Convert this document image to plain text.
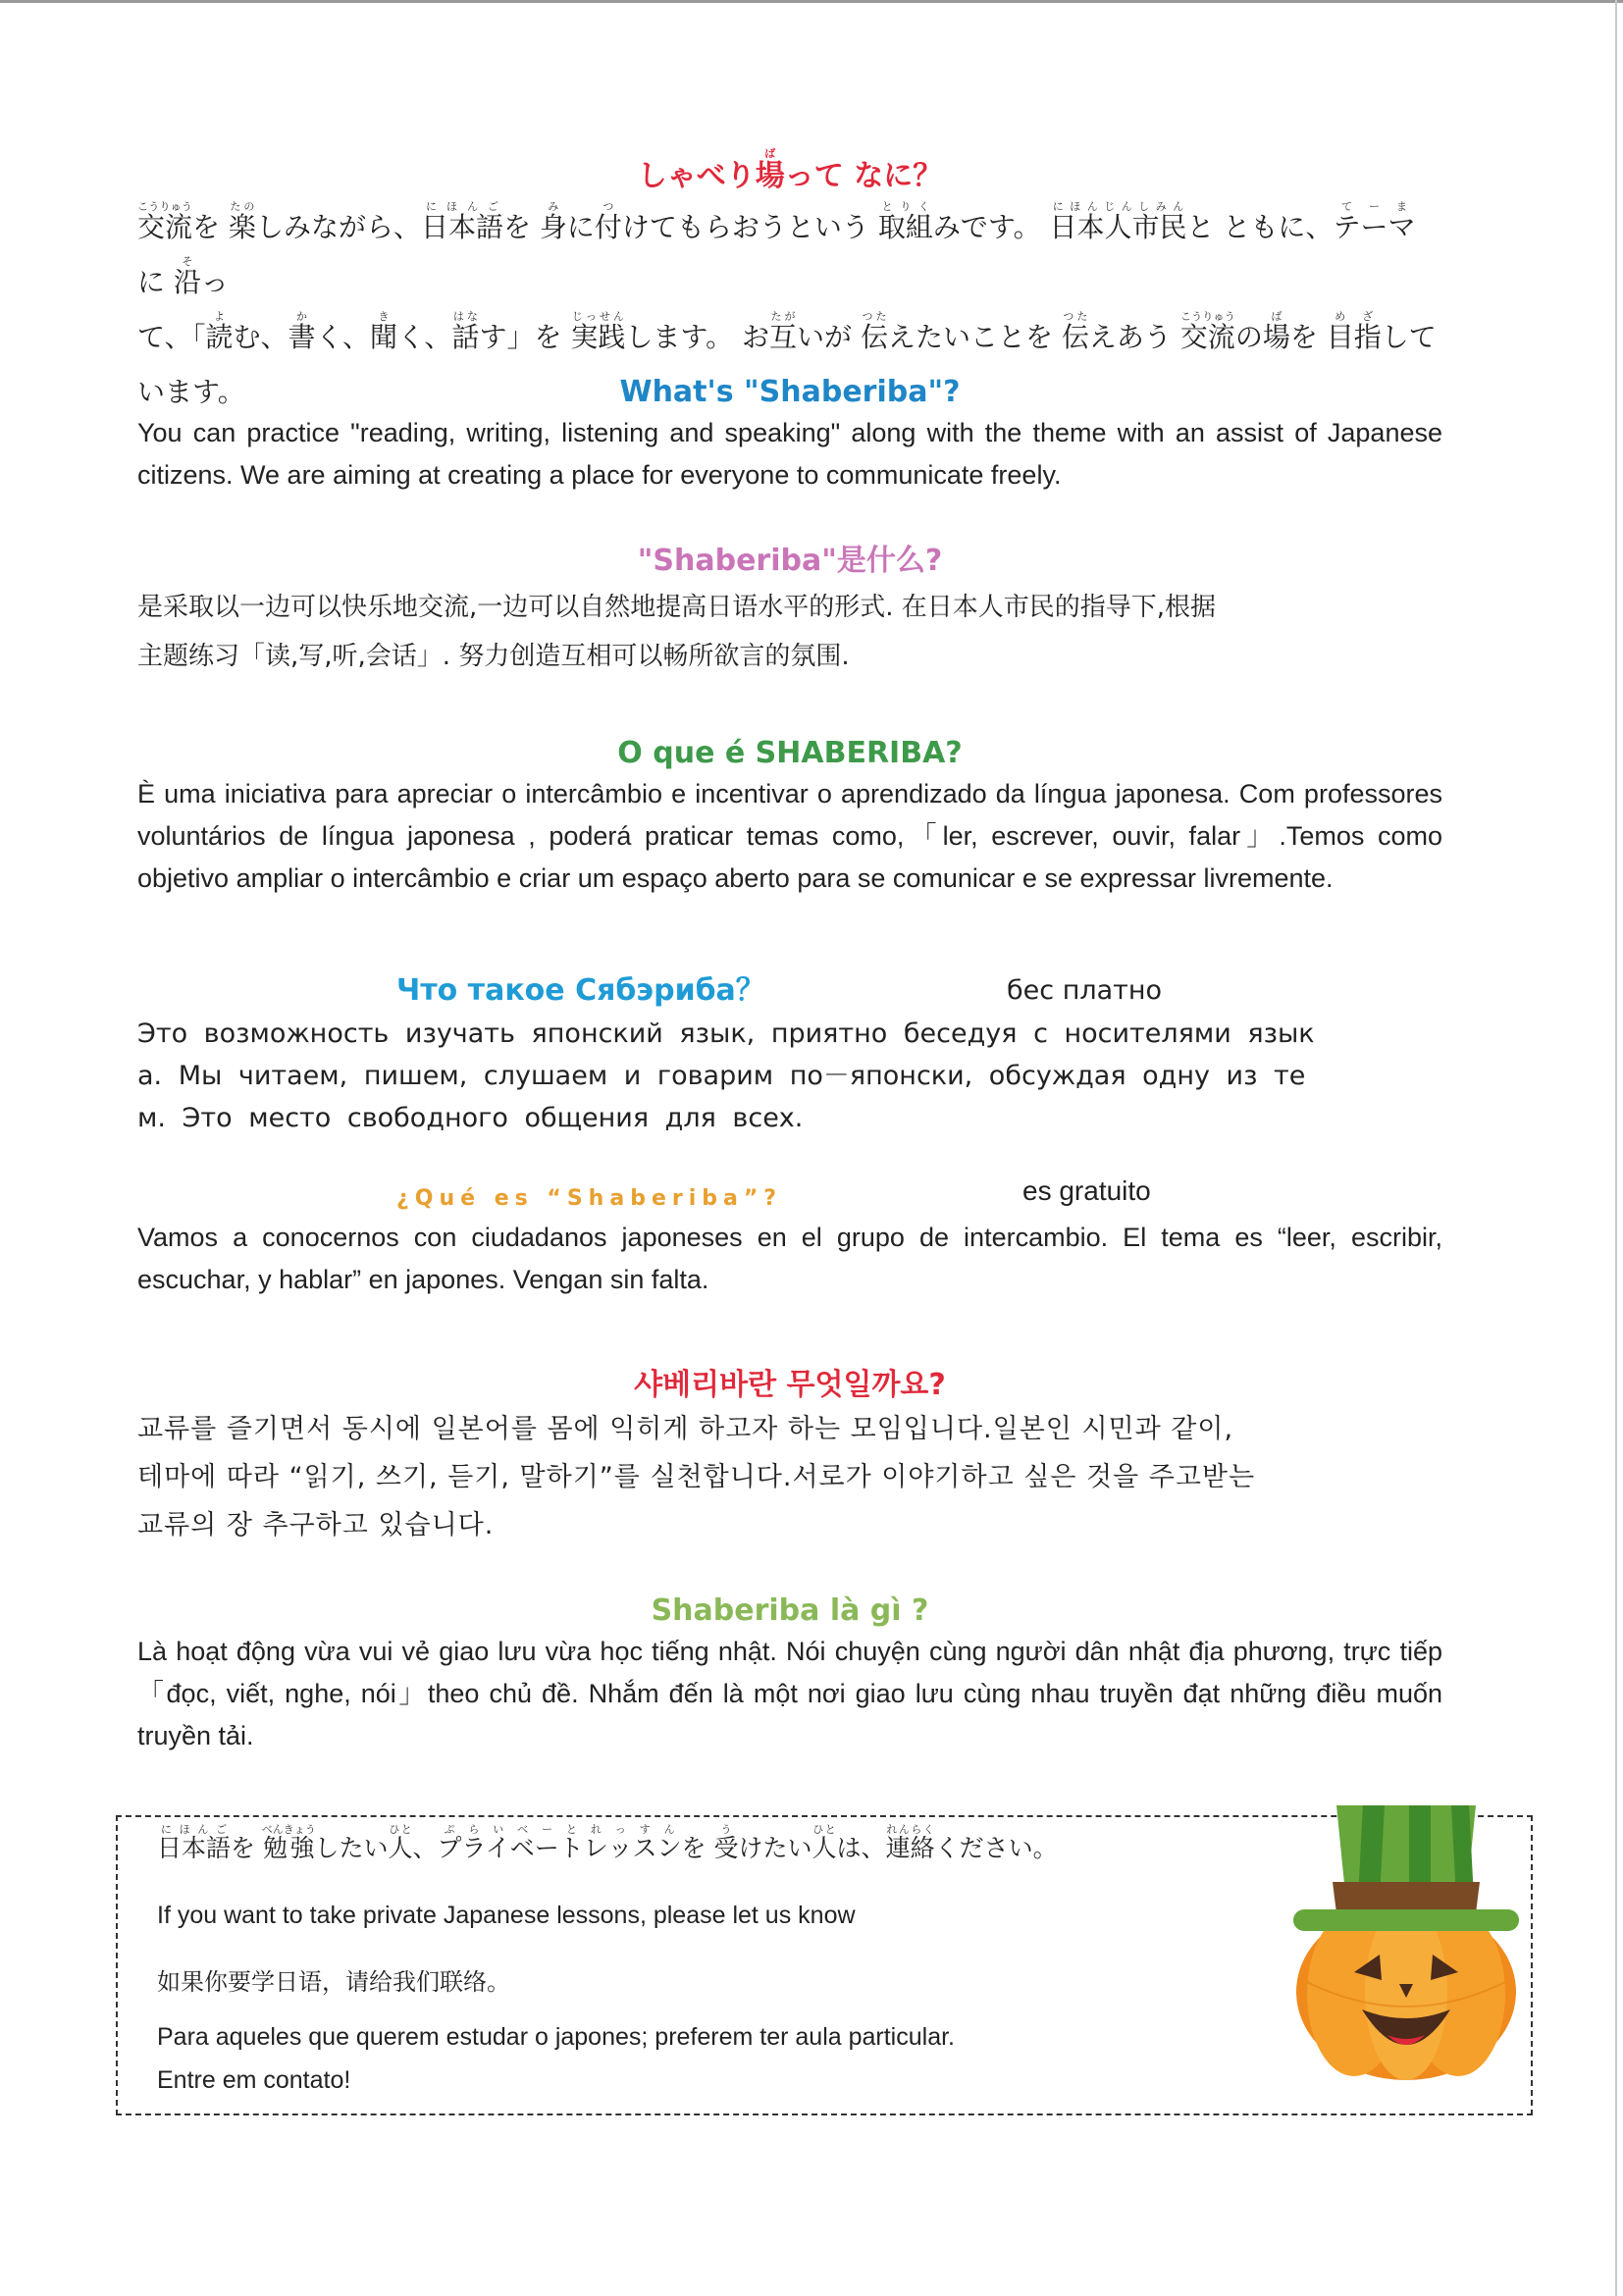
しゃべり場ばって なに？
交流こうりゅうを 楽たのしみながら、日本語にほんごを 身みに付つけてもらおうという 取組とりくみです。 日本人市民にほんじんしみんと ともに、テーマてーまに 沿そっ
て、「読よむ、書かく、聞きく、話はなす」を 実践じっせんします。 お互たがいが 伝つたえたいことを 伝つたえあう 交流こうりゅうの場ばを 目指めざしています。	What's "Shaberiba"?
You can practice "reading, writing, listening and speaking" along with the theme with an assist of Japanese citizens. We are aiming at creating a place for everyone to communicate freely.
"Shaberiba"是什么?
是采取以一边可以快乐地交流,一边可以自然地提高日语水平的形式. 在日本人市民的指导下,根据
主题练习「读,写,听,会话」. 努力创造互相可以畅所欲言的氛围.
O que é SHABERIBA?
È uma iniciativa para apreciar o intercâmbio e incentivar o aprendizado da língua japonesa. Com professores voluntários de língua japonesa , poderá praticar temas como,「ler, escrever, ouvir, falar」.Temos como objetivo ampliar o intercâmbio e criar um espaço aberto para se comunicar e se expressar livremente.
Что такое Сябэриба？	бес платно
Это возможность изучать японский язык, приятно беседуя с носителями язык
а. Мы читаем, пишем, слушаем и говарим по－японски, обсуждая одну из те
м. Это место свободного общения для всех.
¿Qué es “Shaberiba”?	es gratuito
Vamos a conocernos con ciudadanos japoneses en el grupo de intercambio. El tema es “leer, escribir, escuchar, y hablar” en japones. Vengan sin falta.
샤베리바란 무엇일까요?
교류를 즐기면서 동시에 일본어를 몸에 익히게 하고자 하는 모임입니다.일본인 시민과 같이,
테마에 따라 “읽기, 쓰기, 듣기, 말하기”를 실천합니다.서로가 이야기하고 싶은 것을 주고받는
교류의 장 추구하고 있습니다.
Shaberiba là gì ?
Là hoạt động vừa vui vẻ giao lưu vừa học tiếng nhật. Nói chuyện cùng người dân nhật địa phương, trực tiếp「đọc, viết, nghe, nói」theo chủ đề. Nhắm đến là một nơi giao lưu cùng nhau truyền đạt những điều muốn truyền tải.
日本語にほんごを 勉強べんきょうしたい人ひと、プライベートレッスンぷらいべーとれっすんを 受うけたい人ひとは、連絡れんらくください。
If you want to take private Japanese lessons, please let us know
如果你要学日语，请给我们联络。
Para aqueles que querem estudar o japones; preferem ter aula particular.
Entre em contato!
